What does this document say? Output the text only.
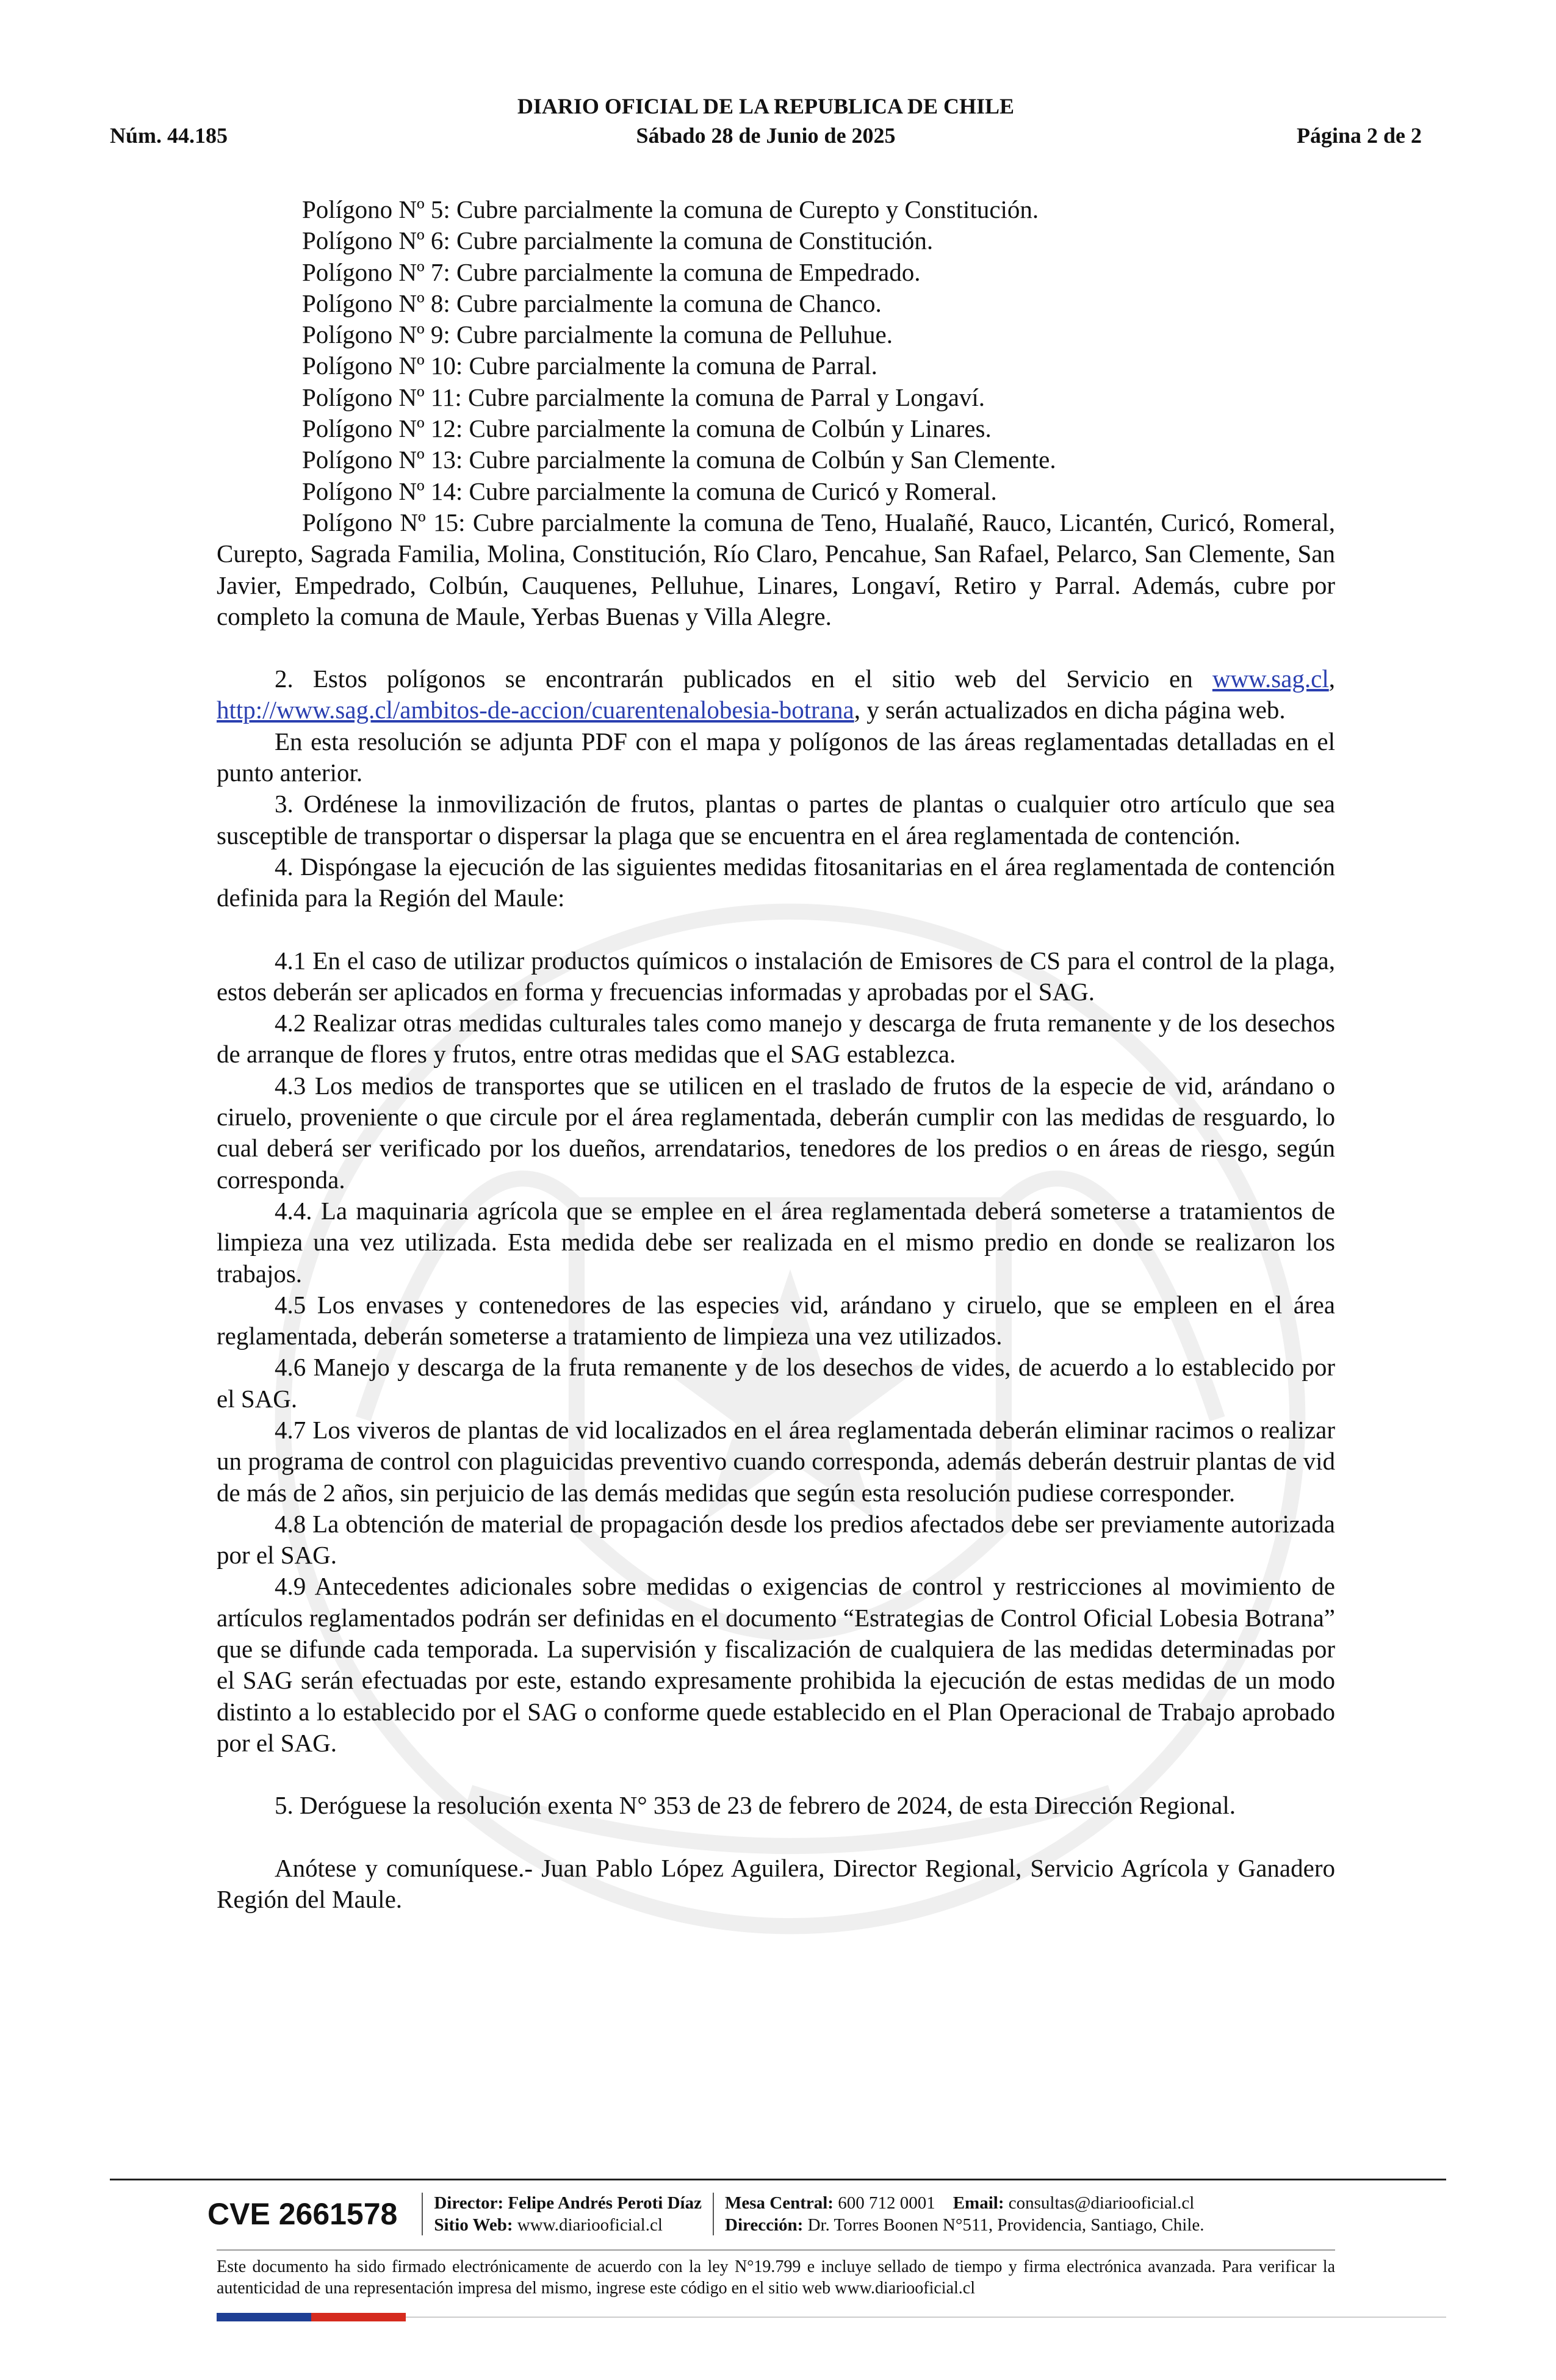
DIARIO OFICIAL DE LA REPUBLICA DE CHILE
Núm. 44.185	Sábado 28 de Junio de 2025	Página 2 de 2

Polígono Nº 5: Cubre parcialmente la comuna de Curepto y Constitución.

Polígono Nº 6: Cubre parcialmente la comuna de Constitución.

Polígono Nº 7: Cubre parcialmente la comuna de Empedrado.

Polígono Nº 8: Cubre parcialmente la comuna de Chanco.

Polígono Nº 9: Cubre parcialmente la comuna de Pelluhue.

Polígono Nº 10: Cubre parcialmente la comuna de Parral.

Polígono Nº 11: Cubre parcialmente la comuna de Parral y Longaví.

Polígono Nº 12: Cubre parcialmente la comuna de Colbún y Linares.

Polígono Nº 13: Cubre parcialmente la comuna de Colbún y San Clemente.

Polígono Nº 14: Cubre parcialmente la comuna de Curicó y Romeral.

Polígono Nº 15: Cubre parcialmente la comuna de Teno, Hualañé, Rauco, Licantén, Curicó, Romeral, Curepto, Sagrada Familia, Molina, Constitución, Río Claro, Pencahue, San Rafael, Pelarco, San Clemente, San Javier, Empedrado, Colbún, Cauquenes, Pelluhue, Linares, Longaví, Retiro y Parral. Además, cubre por completo la comuna de Maule, Yerbas Buenas y Villa Alegre.

2. Estos polígonos se encontrarán publicados en el sitio web del Servicio en www.sag.cl, http://www.sag.cl/ambitos-de-accion/cuarentenalobesia-botrana, y serán actualizados en dicha página web.

En esta resolución se adjunta PDF con el mapa y polígonos de las áreas reglamentadas detalladas en el punto anterior.

3. Ordénese la inmovilización de frutos, plantas o partes de plantas o cualquier otro artículo que sea susceptible de transportar o dispersar la plaga que se encuentra en el área reglamentada de contención.

4. Dispóngase la ejecución de las siguientes medidas fitosanitarias en el área reglamentada de contención definida para la Región del Maule:

4.1 En el caso de utilizar productos químicos o instalación de Emisores de CS para el control de la plaga, estos deberán ser aplicados en forma y frecuencias informadas y aprobadas por el SAG.

4.2 Realizar otras medidas culturales tales como manejo y descarga de fruta remanente y de los desechos de arranque de flores y frutos, entre otras medidas que el SAG establezca.

4.3 Los medios de transportes que se utilicen en el traslado de frutos de la especie de vid, arándano o ciruelo, proveniente o que circule por el área reglamentada, deberán cumplir con las medidas de resguardo, lo cual deberá ser verificado por los dueños, arrendatarios, tenedores de los predios o en áreas de riesgo, según corresponda.

4.4. La maquinaria agrícola que se emplee en el área reglamentada deberá someterse a tratamientos de limpieza una vez utilizada. Esta medida debe ser realizada en el mismo predio en donde se realizaron los trabajos.

4.5 Los envases y contenedores de las especies vid, arándano y ciruelo, que se empleen en el área reglamentada, deberán someterse a tratamiento de limpieza una vez utilizados.

4.6 Manejo y descarga de la fruta remanente y de los desechos de vides, de acuerdo a lo establecido por el SAG.

4.7 Los viveros de plantas de vid localizados en el área reglamentada deberán eliminar racimos o realizar un programa de control con plaguicidas preventivo cuando corresponda, además deberán destruir plantas de vid de más de 2 años, sin perjuicio de las demás medidas que según esta resolución pudiese corresponder.

4.8 La obtención de material de propagación desde los predios afectados debe ser previamente autorizada por el SAG.

4.9 Antecedentes adicionales sobre medidas o exigencias de control y restricciones al movimiento de artículos reglamentados podrán ser definidas en el documento “Estrategias de Control Oficial Lobesia Botrana” que se difunde cada temporada. La supervisión y fiscalización de cualquiera de las medidas determinadas por el SAG serán efectuadas por este, estando expresamente prohibida la ejecución de estas medidas de un modo distinto a lo establecido por el SAG o conforme quede establecido en el Plan Operacional de Trabajo aprobado por el SAG.

5. Deróguese la resolución exenta N° 353 de 23 de febrero de 2024, de esta Dirección Regional.

Anótese y comuníquese.- Juan Pablo López Aguilera, Director Regional, Servicio Agrícola y Ganadero Región del Maule.

CVE 2661578	Director: Felipe Andrés Peroti Díaz
Sitio Web: www.diariooficial.cl
Mesa Central: 600 712 0001 Email: consultas@diariooficial.cl
Dirección: Dr. Torres Boonen N°511, Providencia, Santiago, Chile.
Este documento ha sido firmado electrónicamente de acuerdo con la ley N°19.799 e incluye sellado de tiempo y firma electrónica avanzada. Para verificar la autenticidad de una representación impresa del mismo, ingrese este código en el sitio web www.diariooficial.cl
